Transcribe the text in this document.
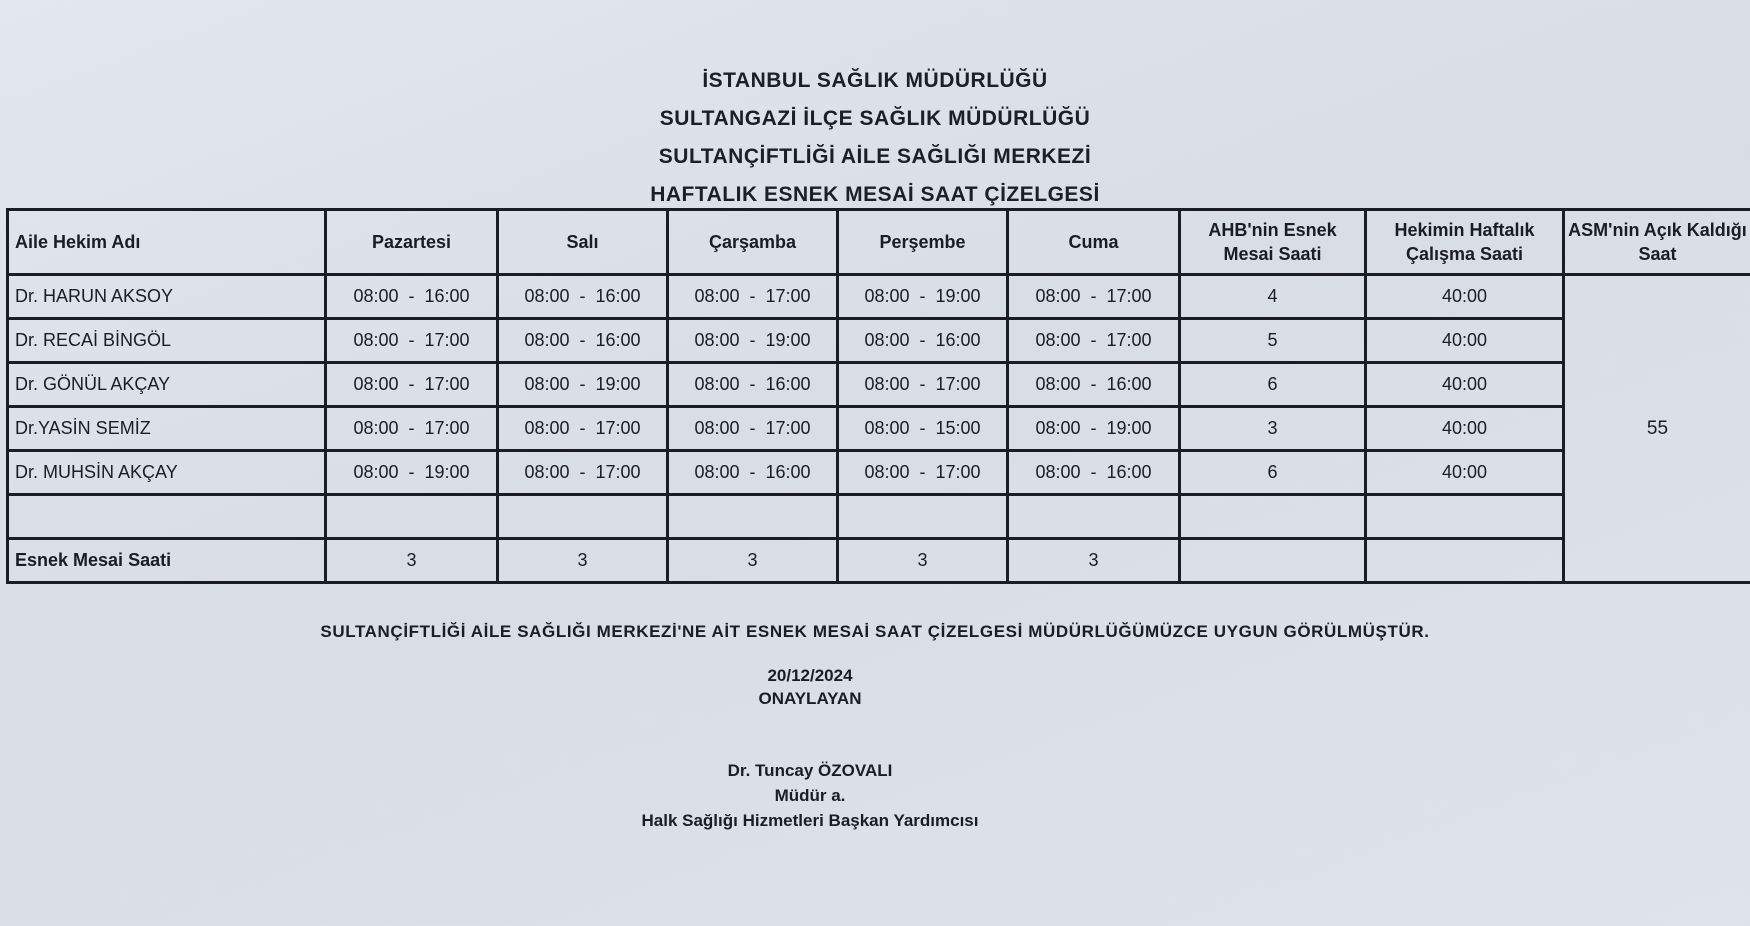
İSTANBUL SAĞLIK MÜDÜRLÜĞÜ
SULTANGAZİ İLÇE SAĞLIK MÜDÜRLÜĞÜ
SULTANÇİFTLİĞİ AİLE SAĞLIĞI MERKEZİ
HAFTALIK ESNEK MESAİ SAAT ÇİZELGESİ
Aile Hekim Adı	Pazartesi	Salı	Çarşamba	Perşembe	Cuma	AHB'nin Esnek Mesai Saati	Hekimin Haftalık Çalışma Saati	ASM'nin Açık Kaldığı Saat
Dr. HARUN AKSOY	08:00  -  16:00	08:00  -  16:00	08:00  -  17:00	08:00  -  19:00	08:00  -  17:00	4	40:00	55
Dr. RECAİ BİNGÖL	08:00  -  17:00	08:00  -  16:00	08:00  -  19:00	08:00  -  16:00	08:00  -  17:00	5	40:00	
Dr. GÖNÜL AKÇAY	08:00  -  17:00	08:00  -  19:00	08:00  -  16:00	08:00  -  17:00	08:00  -  16:00	6	40:00	
Dr.YASİN SEMİZ	08:00  -  17:00	08:00  -  17:00	08:00  -  17:00	08:00  -  15:00	08:00  -  19:00	3	40:00	
Dr. MUHSİN AKÇAY	08:00  -  19:00	08:00  -  17:00	08:00  -  16:00	08:00  -  17:00	08:00  -  16:00	6	40:00	

Esnek Mesai Saati	3	3	3	3	3			
SULTANÇİFTLİĞİ AİLE SAĞLIĞI MERKEZİ'NE AİT ESNEK MESAİ SAAT ÇİZELGESİ MÜDÜRLÜĞÜMÜZCE UYGUN GÖRÜLMÜŞTÜR.
20/12/2024
ONAYLAYAN
Dr. Tuncay ÖZOVALI
Müdür a.
Halk Sağlığı Hizmetleri Başkan Yardımcısı
